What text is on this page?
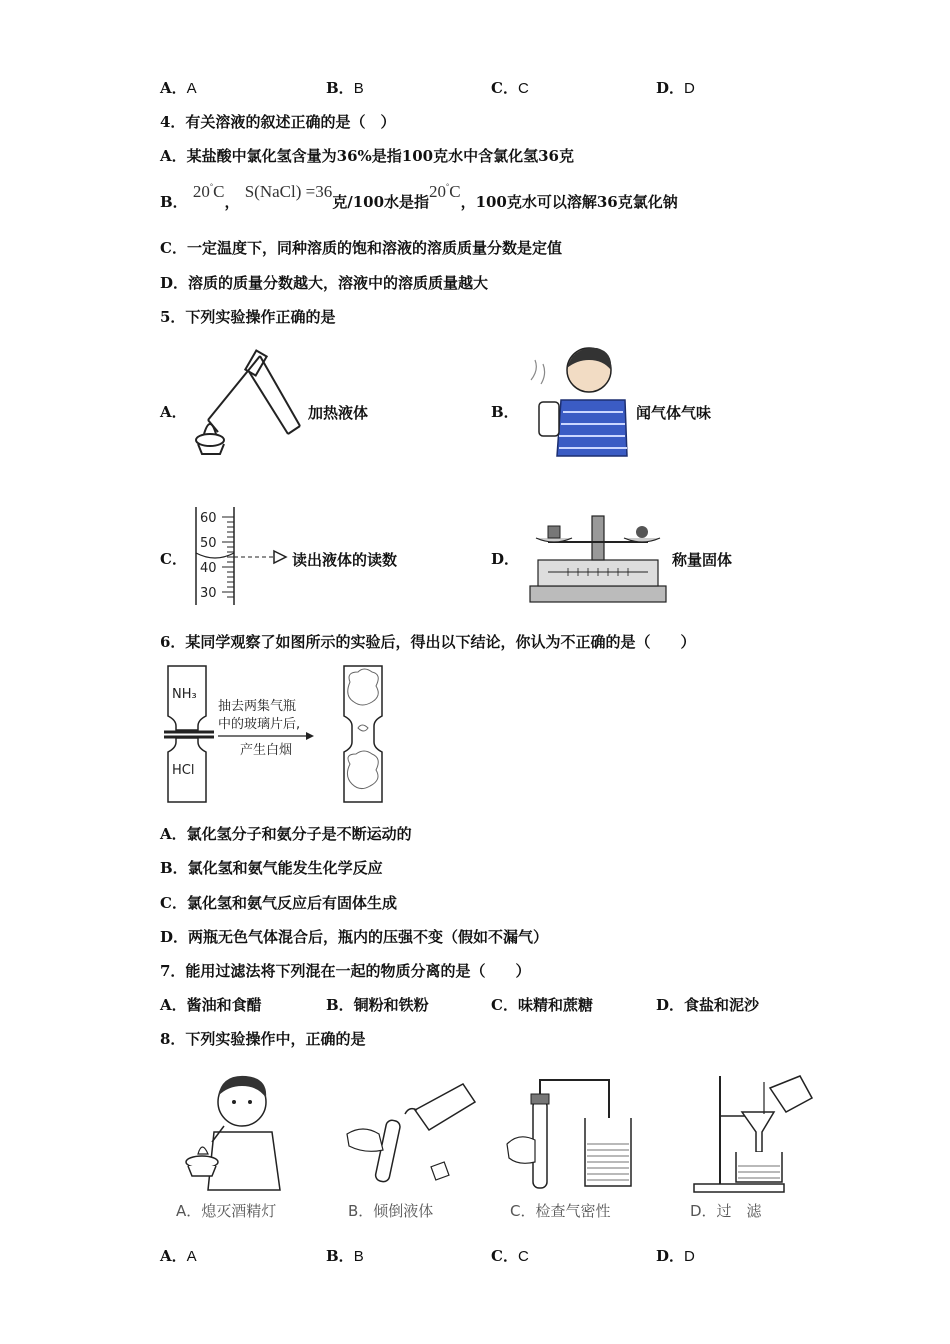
A．A	B．B	C．C	D．D
4．有关溶液的叙述正确的是（　）
A．某盐酸中氯化氢含量为36%是指100克水中含氯化氢36克
B． 20°C， S(NaCl) =36克/100水是指20°C，100克水可以溶解36克氯化钠
C．一定温度下，同种溶质的饱和溶液的溶质质量分数是定值
D．溶质的质量分数越大，溶液中的溶质质量越大
5．下列实验操作正确的是
A．	加热液体	B．	闻气体气味
C．
60
50
40
30
读出液体的读数	D．	称量固体
6．某同学观察了如图所示的实验后，得出以下结论，你认为不正确的是（　　）
NH₃
HCl
抽去两集气瓶
中的玻璃片后,
产生白烟
A．氯化氢分子和氨分子是不断运动的
B．氯化氢和氨气能发生化学反应
C．氯化氢和氨气反应后有固体生成
D．两瓶无色气体混合后，瓶内的压强不变（假如不漏气）
7．能用过滤法将下列混在一起的物质分离的是（　　）
A．酱油和食醋	B．铜粉和铁粉	C．味精和蔗糖	D．食盐和泥沙
8．下列实验操作中，正确的是
A．熄灭酒精灯	B．倾倒液体	C．检查气密性	D．过　滤
A．A	B．B	C．C	D．D
